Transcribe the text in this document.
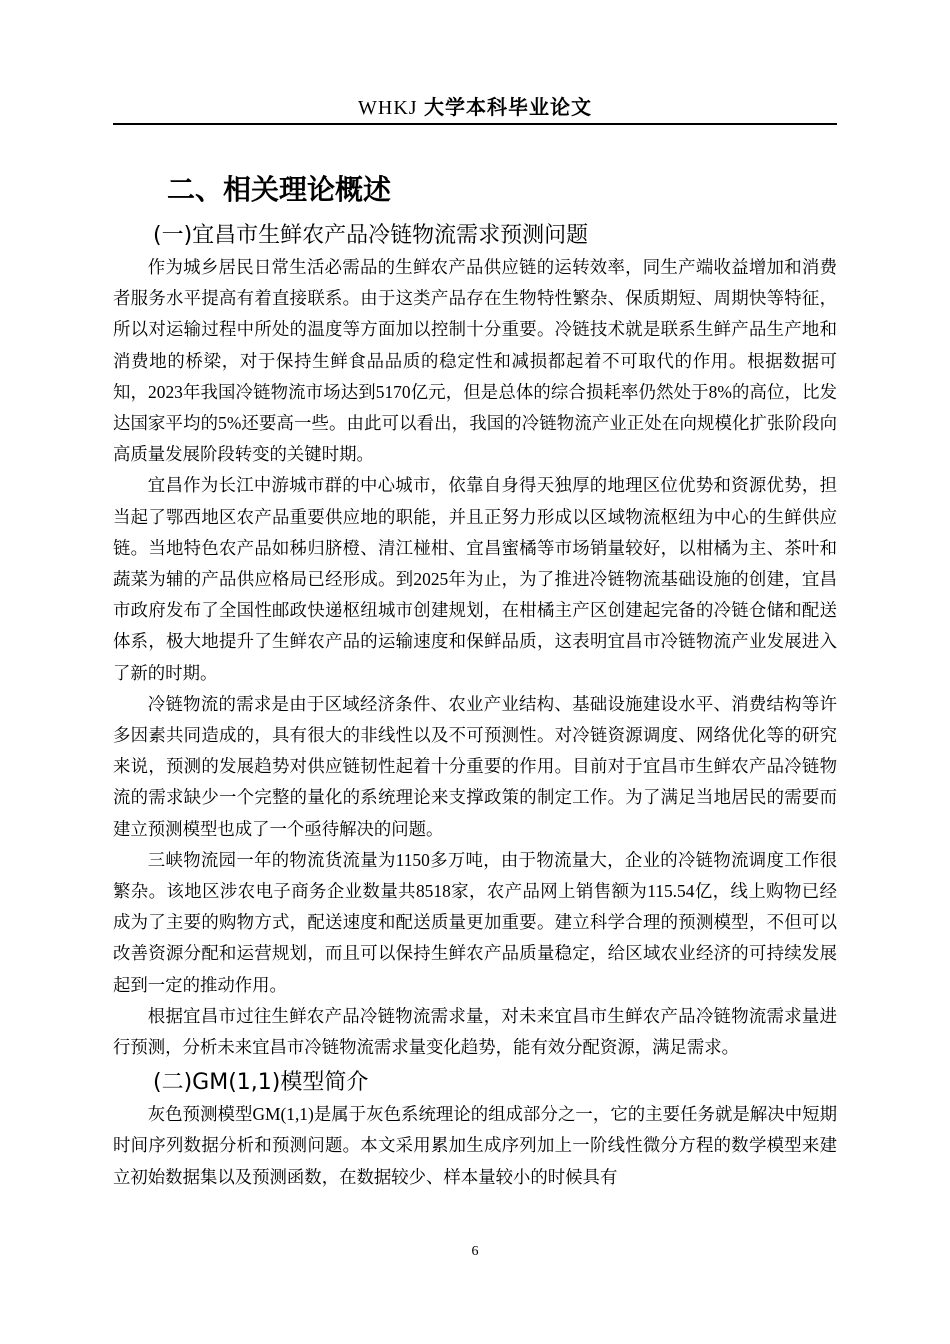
WHKJ 大学本科毕业论文
二、相关理论概述
(一)宜昌市生鲜农产品冷链物流需求预测问题

作为城乡居民日常生活必需品的生鲜农产品供应链的运转效率，同生产端收益增加和消费者服务水平提高有着直接联系。由于这类产品存在生物特性繁杂、保质期短、周期快等特征，所以对运输过程中所处的温度等方面加以控制十分重要。冷链技术就是联系生鲜产品生产地和消费地的桥梁，对于保持生鲜食品品质的稳定性和减损都起着不可取代的作用。根据数据可知，2023年我国冷链物流市场达到5170亿元，但是总体的综合损耗率仍然处于8%的高位，比发达国家平均的5%还要高一些。由此可以看出，我国的冷链物流产业正处在向规模化扩张阶段向高质量发展阶段转变的关键时期。

宜昌作为长江中游城市群的中心城市，依靠自身得天独厚的地理区位优势和资源优势，担当起了鄂西地区农产品重要供应地的职能，并且正努力形成以区域物流枢纽为中心的生鲜供应链。当地特色农产品如秭归脐橙、清江椪柑、宜昌蜜橘等市场销量较好，以柑橘为主、茶叶和蔬菜为辅的产品供应格局已经形成。到2025年为止，为了推进冷链物流基础设施的创建，宜昌市政府发布了全国性邮政快递枢纽城市创建规划，在柑橘主产区创建起完备的冷链仓储和配送体系，极大地提升了生鲜农产品的运输速度和保鲜品质，这表明宜昌市冷链物流产业发展进入了新的时期。

冷链物流的需求是由于区域经济条件、农业产业结构、基础设施建设水平、消费结构等许多因素共同造成的，具有很大的非线性以及不可预测性。对冷链资源调度、网络优化等的研究来说，预测的发展趋势对供应链韧性起着十分重要的作用。目前对于宜昌市生鲜农产品冷链物流的需求缺少一个完整的量化的系统理论来支撑政策的制定工作。为了满足当地居民的需要而建立预测模型也成了一个亟待解决的问题。

三峡物流园一年的物流货流量为1150多万吨，由于物流量大，企业的冷链物流调度工作很繁杂。该地区涉农电子商务企业数量共8518家，农产品网上销售额为115.54亿，线上购物已经成为了主要的购物方式，配送速度和配送质量更加重要。建立科学合理的预测模型，不但可以改善资源分配和运营规划，而且可以保持生鲜农产品质量稳定，给区域农业经济的可持续发展起到一定的推动作用。

根据宜昌市过往生鲜农产品冷链物流需求量，对未来宜昌市生鲜农产品冷链物流需求量进行预测，分析未来宜昌市冷链物流需求量变化趋势，能有效分配资源，满足需求。

(二)GM(1,1)模型简介

灰色预测模型GM(1,1)是属于灰色系统理论的组成部分之一，它的主要任务就是解决中短期时间序列数据分析和预测问题。本文采用累加生成序列加上一阶线性微分方程的数学模型来建立初始数据集以及预测函数，在数据较少、样本量较小的时候具有

6
